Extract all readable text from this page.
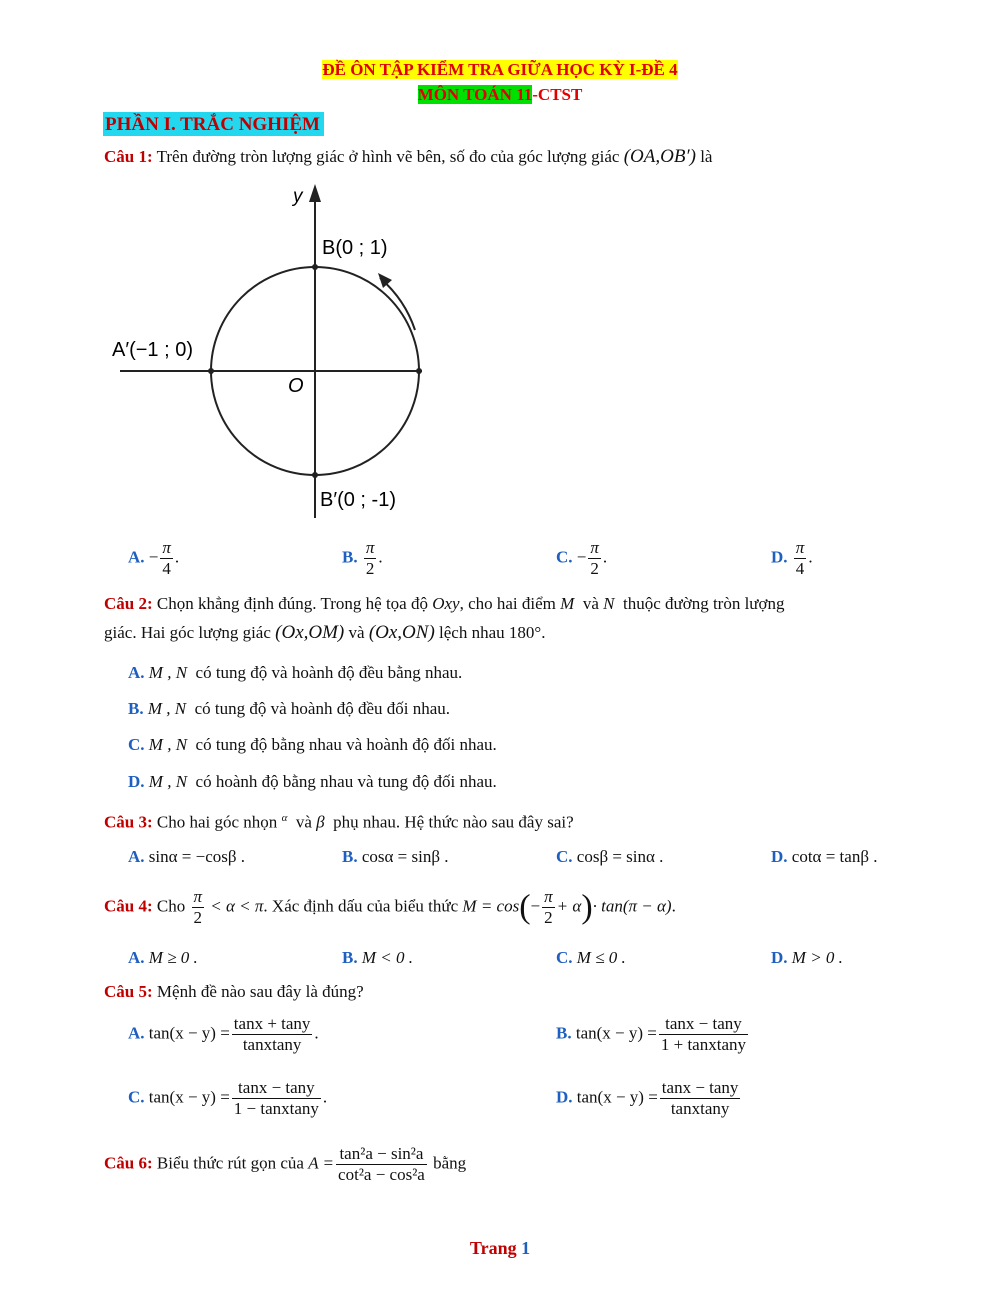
ĐỀ ÔN TẬP KIỂM TRA GIỮA HỌC KỲ I-ĐỀ 4
MÔN TOÁN 11-CTST
PHẦN I. TRẮC NGHIỆM
Câu 1: Trên đường tròn lượng giác ở hình vẽ bên, số đo của góc lượng giác (OA,OB′) là
y
B(0 ; 1)
A′(−1 ; 0)
O
B′(0 ; -1)
A. − $\frac{\pi}{4}$ .	B. $\frac{\pi}{2}$ .	C. − $\frac{\pi}{2}$ .	D. $\frac{\pi}{4}$ .
Câu 2: Chọn khẳng định đúng. Trong hệ tọa độ Oxy, cho hai điểm M và N thuộc đường tròn lượng
giác. Hai góc lượng giác (Ox,OM) và (Ox,ON) lệch nhau 180°.
A. M , N có tung độ và hoành độ đều bằng nhau.
B. M , N có tung độ và hoành độ đều đối nhau.
C. M , N có tung độ bằng nhau và hoành độ đối nhau.
D. M , N có hoành độ bằng nhau và tung độ đối nhau.
Câu 3: Cho hai góc nhọn $^\alpha$ và β phụ nhau. Hệ thức nào sau đây sai?
A. sinα = −cosβ .	B. cosα = sinβ .	C. cosβ = sinα .	D. cotα = tanβ .
Câu 4: Cho $\frac{\pi}{2} < \alpha < \pi$. Xác định dấu của biểu thức $M = \cos(- \frac{\pi}{2} + \alpha)\cdot \tan(\pi - \alpha)$.
A. M ≥ 0 .	B. M < 0 .	C. M ≤ 0 .	D. M > 0 .
Câu 5: Mệnh đề nào sau đây là đúng?
A. $\tan(x - y) = \frac{\tan x + \tan y}{\text{tanxtany}}$ .	B. $\tan(x - y) = \frac{\tan x - \tan y}{\text{1 + tanxtany}}$
C. $\tan(x - y) = \frac{\tan x - \tan y}{\text{1 − tanxtany}}$ .	D. $\tan(x - y) = \frac{\tan x - \tan y}{\text{tanxtany}}$
Câu 6: Biểu thức rút gọn của $A = \frac{\text{tan²a − sin²a}}{\text{cot²a − cos²a}}$ bằng
Trang 1
